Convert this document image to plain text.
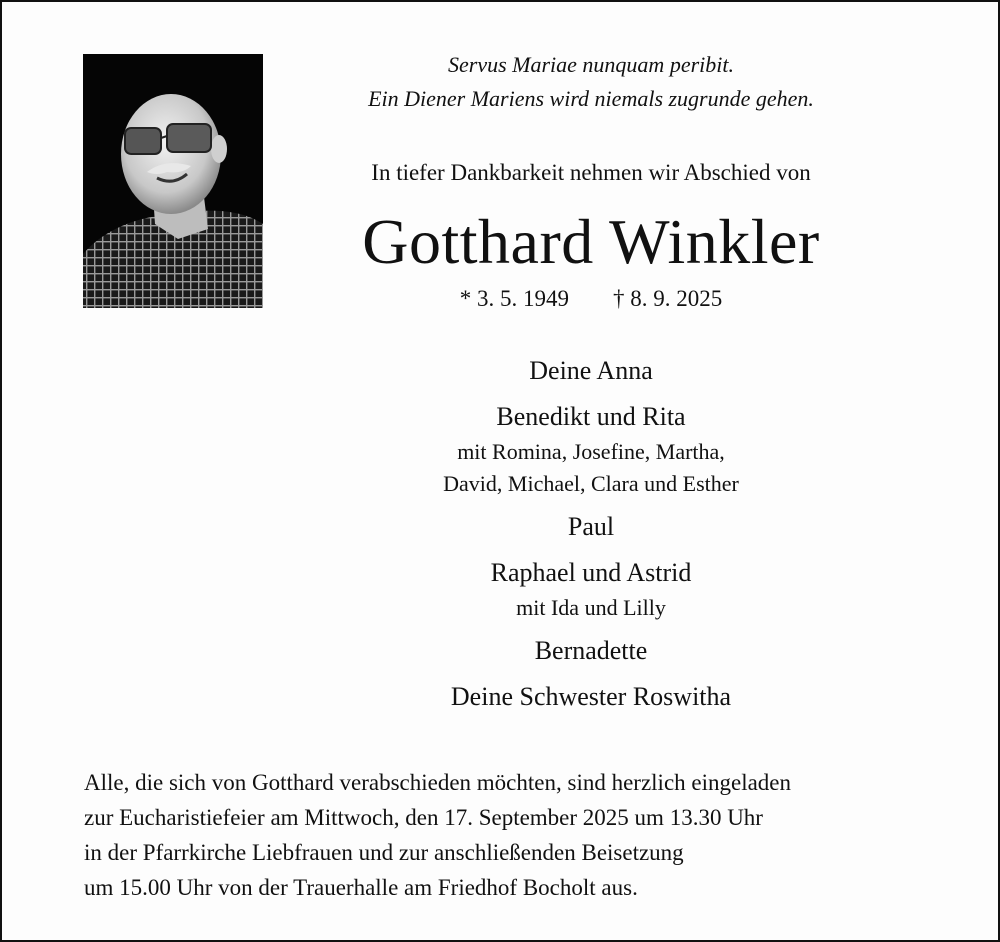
Servus Mariae nunquam peribit.
Ein Diener Mariens wird niemals zugrunde gehen.
In tiefer Dankbarkeit nehmen wir Abschied von
Gotthard Winkler
* 3. 5. 1949 † 8. 9. 2025
Deine Anna
Benedikt und Rita
mit Romina, Josefine, Martha,
David, Michael, Clara und Esther
Paul
Raphael und Astrid
mit Ida und Lilly
Bernadette
Deine Schwester Roswitha
Alle, die sich von Gotthard verabschieden möchten, sind herzlich eingeladen
zur Eucharistiefeier am Mittwoch, den 17. September 2025 um 13.30 Uhr
in der Pfarrkirche Liebfrauen und zur anschließenden Beisetzung
um 15.00 Uhr von der Trauerhalle am Friedhof Bocholt aus.
